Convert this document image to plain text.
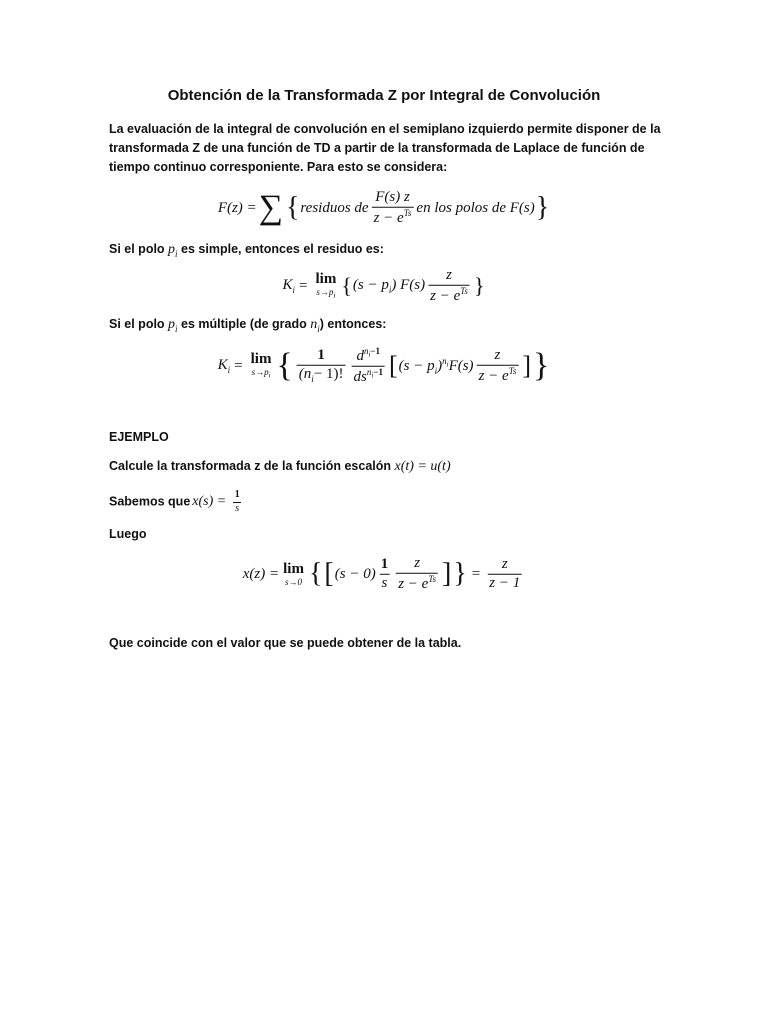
Obtención de la Transformada Z por Integral de Convolución
La evaluación de la integral de convolución en el semiplano izquierdo permite disponer de la transformada Z de una función de TD a partir de la transformada de Laplace de función de tiempo continuo corresponiente. Para esto se considera:
F(z) = ∑ { residuos de $\frac{F(s) z}{z - e^{Ts}}$ en los polos de F(s) }
Si el polo $p_i$ es simple, entonces el residuo es:
$K_i = \lim$
$s\to p_i$ { $(s - p_i)$ $F(s) \frac{z}{z - e^{Ts}}$ }
Si el polo $p_i$ es múltiple (de grado $n_i$) entonces:
$K_i = \lim$
$s\to p_i$ { $\frac{1}{(n_i- 1)!} \frac{d^{n_i-1}}{ds^{n_i-1}}$ [ $(s - p_i)^{n_i}F(s) \frac{z}{z - e^{Ts}}$ ] }
EJEMPLO
Calcule la transformada z de la función escalón x(t) = u(t)
Sabemos que $x(s) = \frac{1}{s}$
Luego
x(z) = lim
s→0 { [ $(s - 0) \frac{1}{s} \frac{z}{z - e^{Ts}}$ ] } = $\frac{z}{z - 1}$
Que coincide con el valor que se puede obtener de la tabla.
